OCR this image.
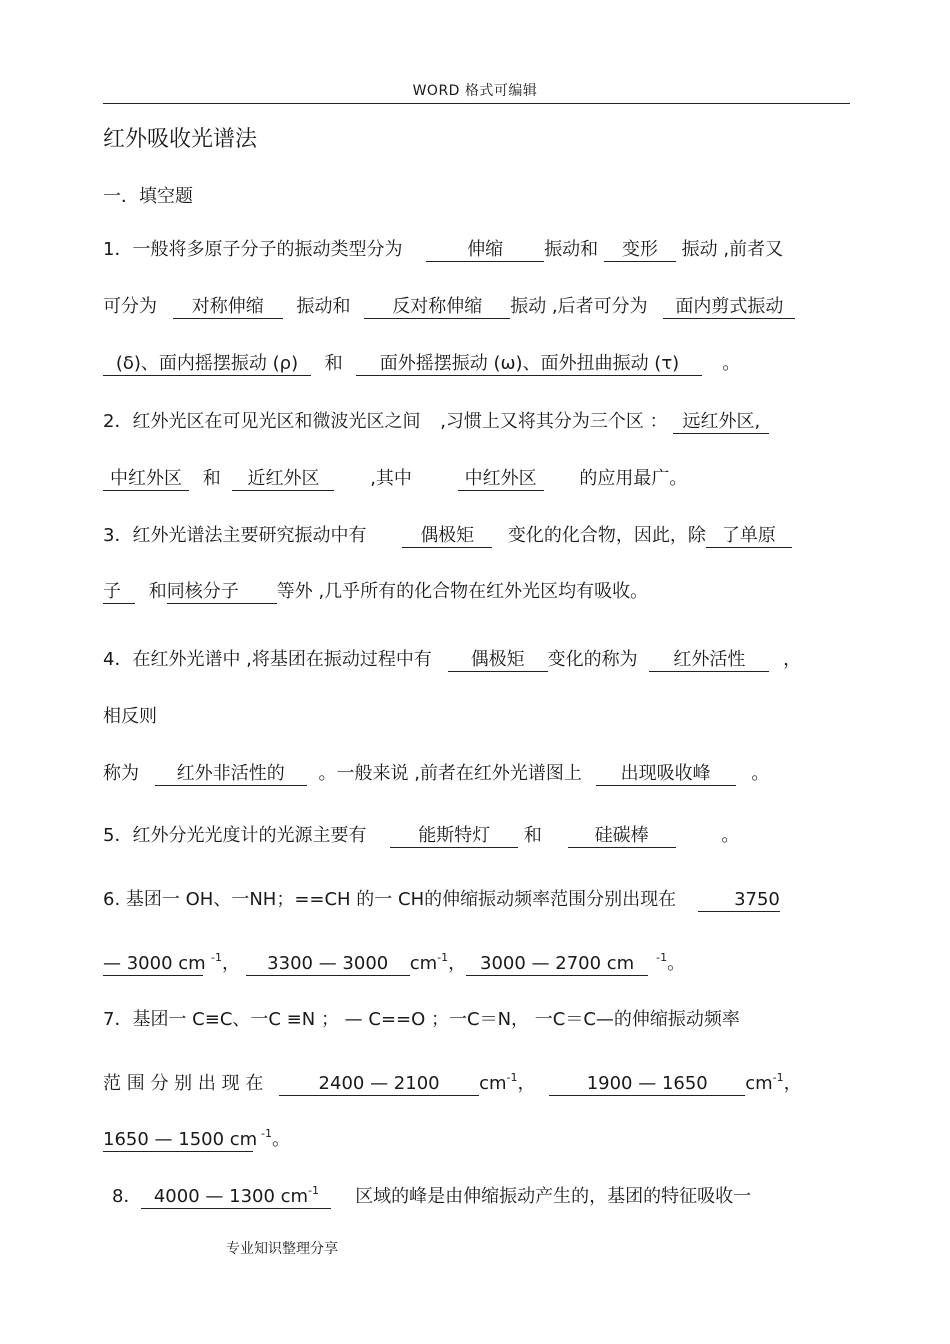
WORD 格式可编辑
红外吸收光谱法
一．填空题
1．一般将多原子分子的振动类型分为	伸缩 振动和 变形 振动 ,前者又
可分为 对称伸缩 振动和 反对称伸缩 振动 ,后者可分为 面内剪式振动
(δ)、面内摇摆振动 (ρ) 和 面外摇摆振动 (ω)、面外扭曲振动 (τ) 。
2．红外光区在可见光区和微波光区之间 ,习惯上又将其分为三个区 ： 远红外区,
中红外区 和 近红外区	,其中	中红外区 的应用最广。
3．红外光谱法主要研究振动中有	偶极矩 变化的化合物，因此，除 了单原
子 和同核分子 等外 ,几乎所有的化合物在红外光区均有吸收。
4．在红外光谱中 ,将基团在振动过程中有 偶极矩 变化的称为 红外活性 ，
相反则
称为 红外非活性的 。一般来说 ,前者在红外光谱图上 出现吸收峰 。
5．红外分光光度计的光源主要有	能斯特灯 和	硅碳棒	。
6. 基团一 OH、一NH；==CH 的一 CH的伸缩振动频率范围分别出现在	3750
— 3000 cm $^{-1}$， 3300 — 3000 $cm^{-1}$， 3000 — 2700 cm $^{-1}$。
7．基团一 C≡C、一C ≡N ； — C==O ；一C＝N， 一C＝C—的伸缩振动频率
范 围 分 别 出 现 在	2400 — 2100 $cm^{-1}$，	1900 — 1650 $cm^{-1}$，
1650 — 1500 cm $^{-1}$。
8． 4000 — 1300 $cm^{-1}$ 区域的峰是由伸缩振动产生的，基团的特征吸收一
专业知识整理分享
